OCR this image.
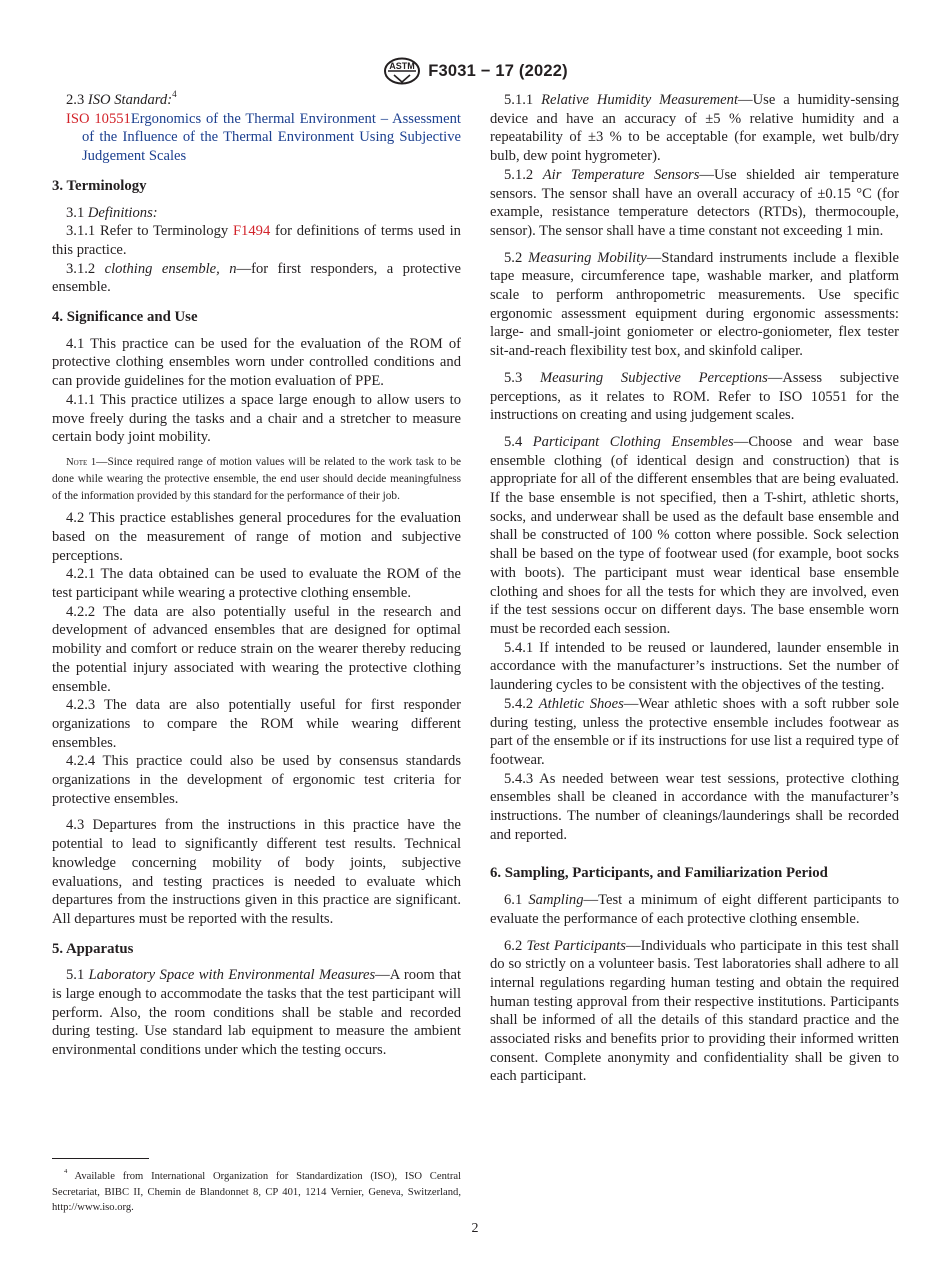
ASTM F3031 − 17 (2022)

2.3 ISO Standard:$^4$

ISO 10551Ergonomics of the Thermal Environment – Assessment of the Influence of the Thermal Environment Using Subjective Judgement Scales

3. Terminology

3.1 Definitions:

3.1.1 Refer to Terminology F1494 for definitions of terms used in this practice.

3.1.2 clothing ensemble, n—for first responders, a protective ensemble.

4. Significance and Use

4.1 This practice can be used for the evaluation of the ROM of protective clothing ensembles worn under controlled conditions and can provide guidelines for the motion evaluation of PPE.

4.1.1 This practice utilizes a space large enough to allow users to move freely during the tasks and a chair and a stretcher to measure certain body joint mobility.

Note 1—Since required range of motion values will be related to the work task to be done while wearing the protective ensemble, the end user should decide meaningfulness of the information provided by this standard for the performance of their job.

4.2 This practice establishes general procedures for the evaluation based on the measurement of range of motion and subjective perceptions.

4.2.1 The data obtained can be used to evaluate the ROM of the test participant while wearing a protective clothing ensemble.

4.2.2 The data are also potentially useful in the research and development of advanced ensembles that are designed for optimal mobility and comfort or reduce strain on the wearer thereby reducing the potential injury associated with wearing the protective clothing ensemble.

4.2.3 The data are also potentially useful for first responder organizations to compare the ROM while wearing different ensembles.

4.2.4 This practice could also be used by consensus standards organizations in the development of ergonomic test criteria for protective ensembles.

4.3 Departures from the instructions in this practice have the potential to lead to significantly different test results. Technical knowledge concerning mobility of body joints, subjective evaluations, and testing practices is needed to evaluate which departures from the instructions given in this practice are significant. All departures must be reported with the results.

5. Apparatus

5.1 Laboratory Space with Environmental Measures—A room that is large enough to accommodate the tasks that the test participant will perform. Also, the room conditions shall be stable and recorded during testing. Use standard lab equipment to measure the ambient environmental conditions under which the testing occurs.

$^4$ Available from International Organization for Standardization (ISO), ISO Central Secretariat, BIBC II, Chemin de Blandonnet 8, CP 401, 1214 Vernier, Geneva, Switzerland, http://www.iso.org.

5.1.1 Relative Humidity Measurement—Use a humidity-sensing device and have an accuracy of ±5 % relative humidity and a repeatability of ±3 % to be acceptable (for example, wet bulb/dry bulb, dew point hygrometer).

5.1.2 Air Temperature Sensors—Use shielded air temperature sensors. The sensor shall have an overall accuracy of ±0.15 °C (for example, resistance temperature detectors (RTDs), thermocouple, sensor). The sensor shall have a time constant not exceeding 1 min.

5.2 Measuring Mobility—Standard instruments include a flexible tape measure, circumference tape, washable marker, and platform scale to perform anthropometric measurements. Use specific ergonomic assessment equipment during ergonomic assessments: large- and small-joint goniometer or electro-goniometer, flex tester sit-and-reach flexibility test box, and skinfold caliper.

5.3 Measuring Subjective Perceptions—Assess subjective perceptions, as it relates to ROM. Refer to ISO 10551 for the instructions on creating and using judgement scales.

5.4 Participant Clothing Ensembles—Choose and wear base ensemble clothing (of identical design and construction) that is appropriate for all of the different ensembles that are being evaluated. If the base ensemble is not specified, then a T-shirt, athletic shorts, socks, and underwear shall be used as the default base ensemble and shall be constructed of 100 % cotton where possible. Sock selection shall be based on the type of footwear used (for example, boot socks with boots). The participant must wear identical base ensemble clothing and shoes for all the tests for which they are involved, even if the test sessions occur on different days. The base ensemble worn must be recorded each session.

5.4.1 If intended to be reused or laundered, launder ensemble in accordance with the manufacturer’s instructions. Set the number of laundering cycles to be consistent with the objectives of the testing.

5.4.2 Athletic Shoes—Wear athletic shoes with a soft rubber sole during testing, unless the protective ensemble includes footwear as part of the ensemble or if its instructions for use list a required type of footwear.

5.4.3 As needed between wear test sessions, protective clothing ensembles shall be cleaned in accordance with the manufacturer’s instructions. The number of cleanings/launderings shall be recorded and reported.

6. Sampling, Participants, and Familiarization Period

6.1 Sampling—Test a minimum of eight different participants to evaluate the performance of each protective clothing ensemble.

6.2 Test Participants—Individuals who participate in this test shall do so strictly on a volunteer basis. Test laboratories shall adhere to all internal regulations regarding human testing and obtain the required human testing approval from their respective institutions. Participants shall be informed of all the details of this standard practice and the associated risks and benefits prior to providing their informed written consent. Complete anonymity and confidentiality shall be given to each participant.

2
